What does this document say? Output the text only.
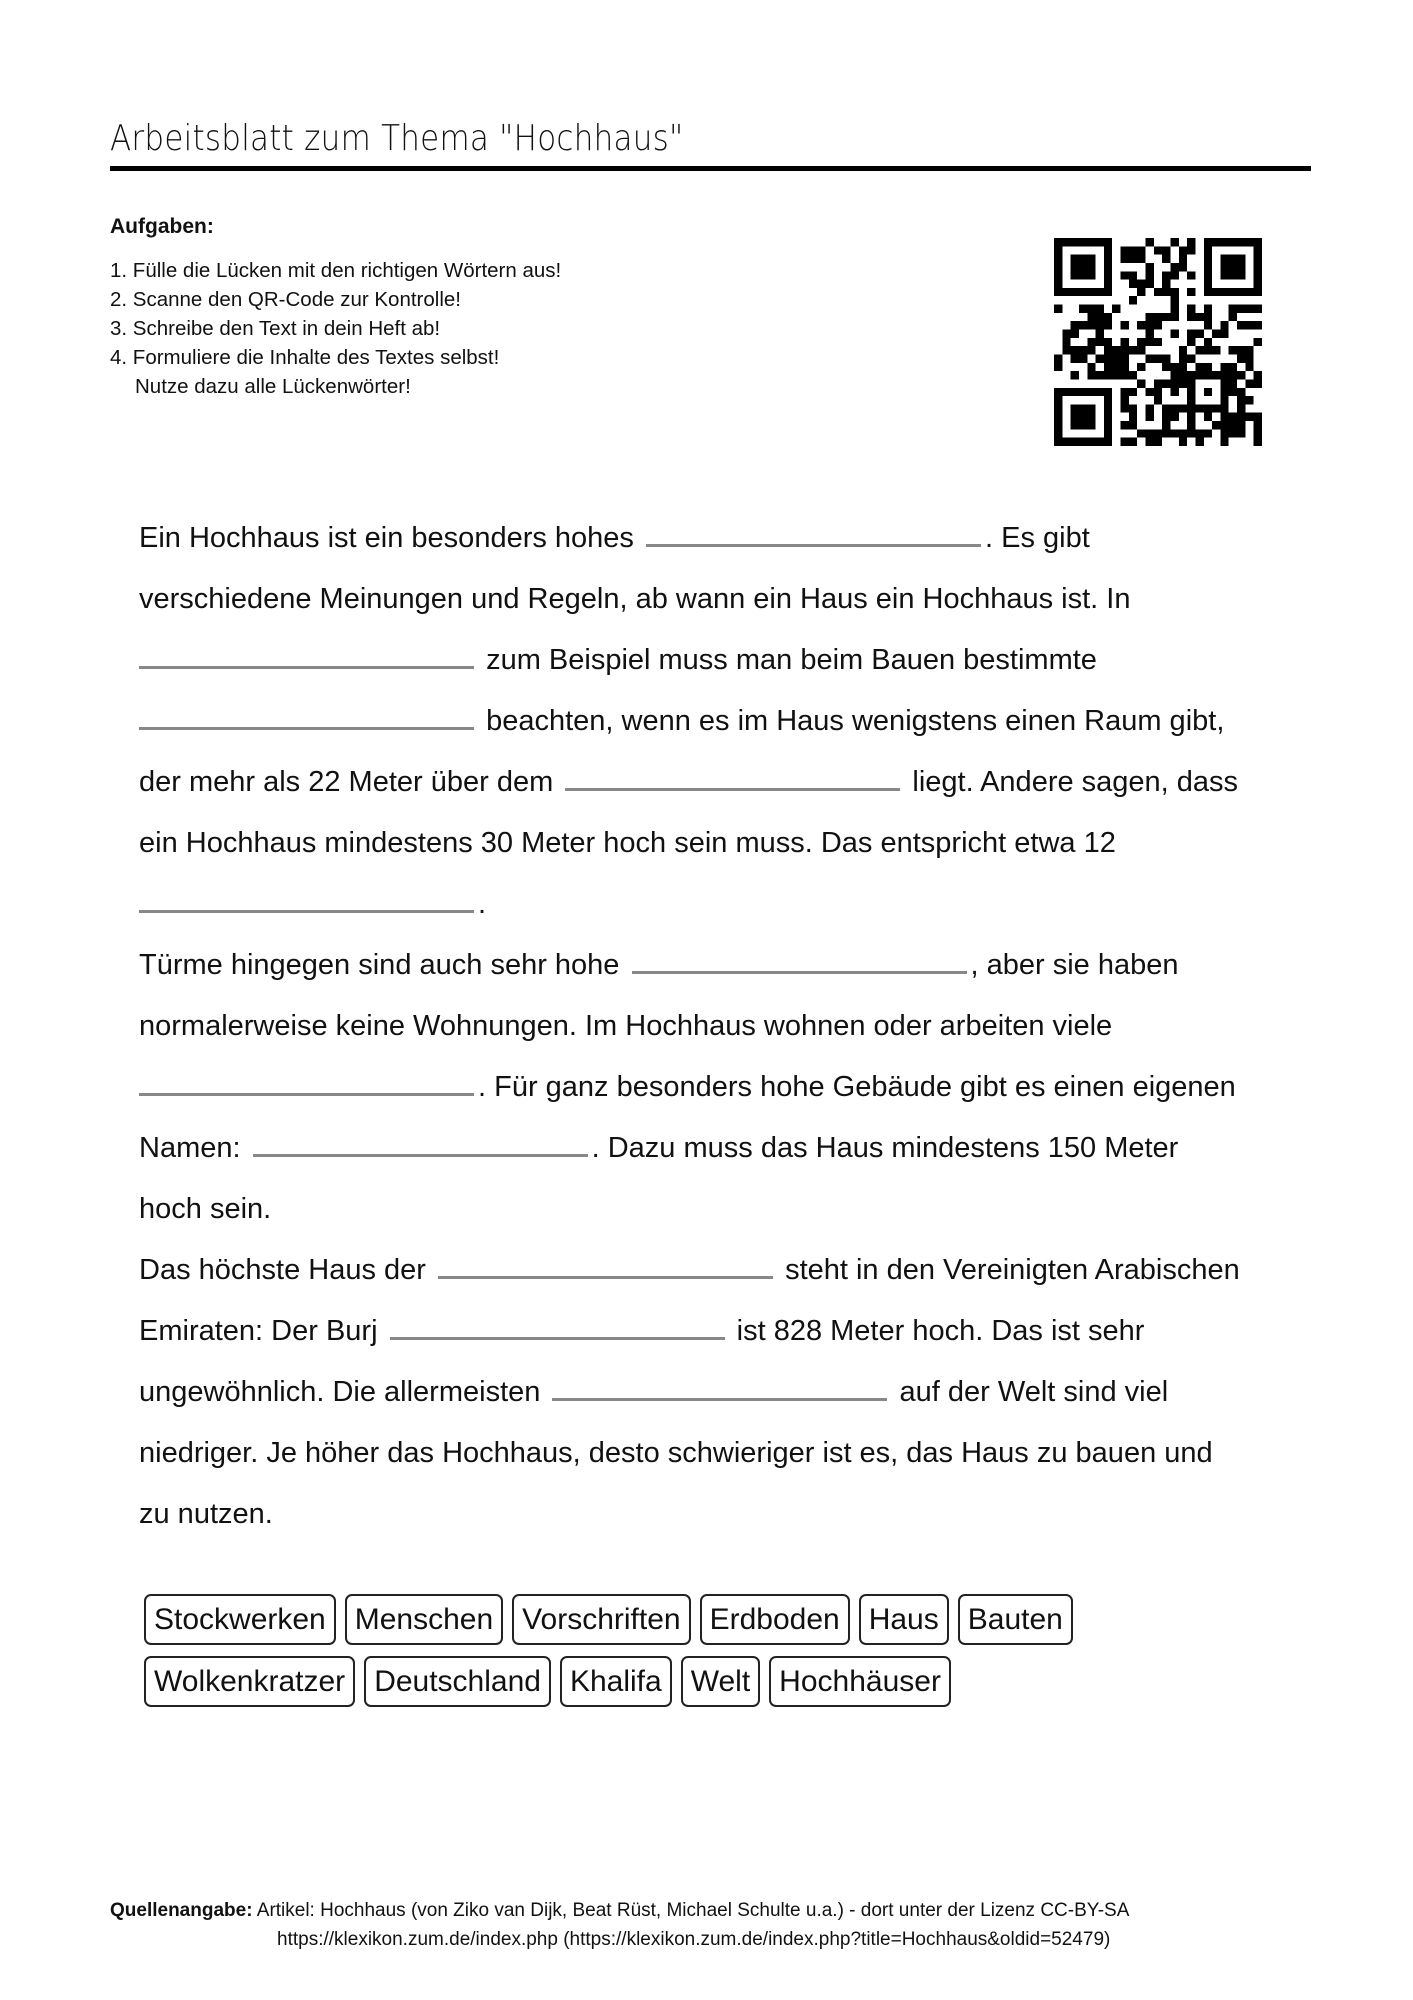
Arbeitsblatt zum Thema "Hochhaus"
Aufgaben:
1. Fülle die Lücken mit den richtigen Wörtern aus!
2. Scanne den QR-Code zur Kontrolle!
3. Schreibe den Text in dein Heft ab!
4. Formuliere die Inhalte des Textes selbst!
Nutze dazu alle Lückenwörter!
Ein Hochhaus ist ein besonders hohes	. Es gibt
verschiedene Meinungen und Regeln, ab wann ein Haus ein Hochhaus ist. In
zum Beispiel muss man beim Bauen bestimmte
beachten, wenn es im Haus wenigstens einen Raum gibt,
der mehr als 22 Meter über dem	liegt. Andere sagen, dass
ein Hochhaus mindestens 30 Meter hoch sein muss. Das entspricht etwa 12
.
Türme hingegen sind auch sehr hohe	, aber sie haben
normalerweise keine Wohnungen. Im Hochhaus wohnen oder arbeiten viele
. Für ganz besonders hohe Gebäude gibt es einen eigenen
Namen:	. Dazu muss das Haus mindestens 150 Meter
hoch sein.
Das höchste Haus der	steht in den Vereinigten Arabischen
Emiraten: Der Burj	ist 828 Meter hoch. Das ist sehr
ungewöhnlich. Die allermeisten	auf der Welt sind viel
niedriger. Je höher das Hochhaus, desto schwieriger ist es, das Haus zu bauen und
zu nutzen.
Stockwerken Menschen Vorschriften Erdboden Haus Bauten
Wolkenkratzer Deutschland Khalifa Welt Hochhäuser
Quellenangabe: Artikel: Hochhaus (von Ziko van Dijk, Beat Rüst, Michael Schulte u.a.) - dort unter der Lizenz CC-BY-SA
https://klexikon.zum.de/index.php (https://klexikon.zum.de/index.php?title=Hochhaus&oldid=52479)
